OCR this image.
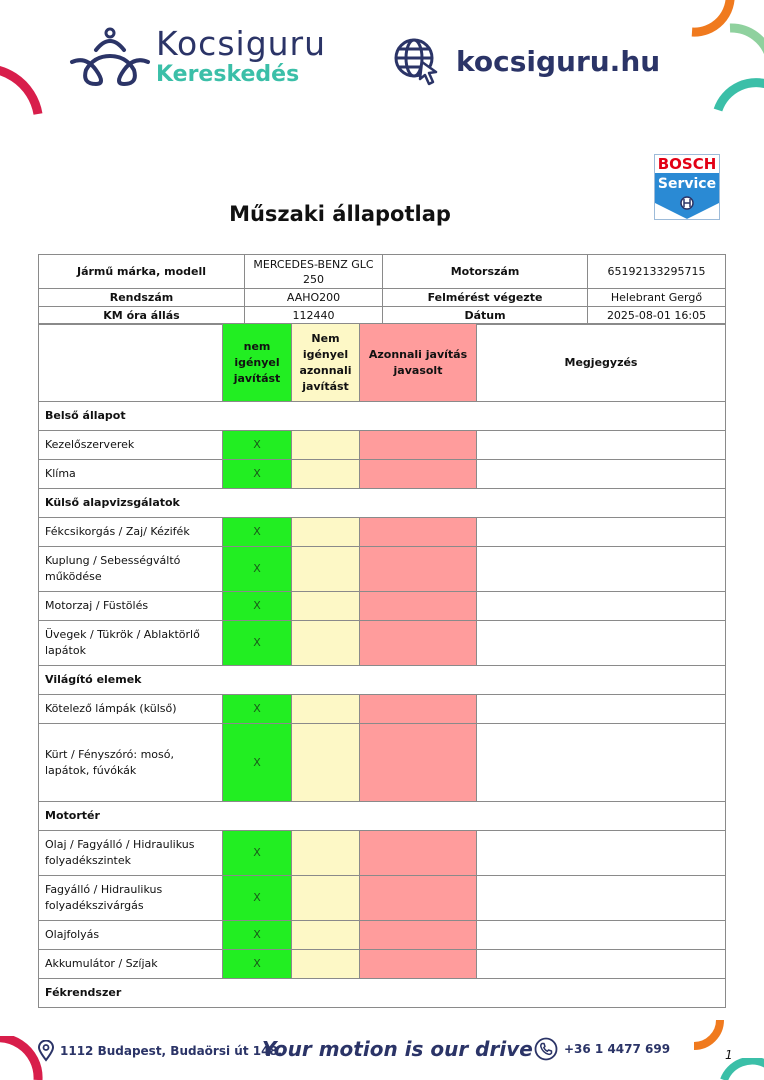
Kocsiguru
Kereskedés	kocsiguru.hu
BOSCH
Service
Műszaki állapotlap
Jármű márka, modell	MERCEDES-BENZ GLC 250	Motorszám	65192133295715
Rendszám	AAHO200	Felmérést végezte	Helebrant Gergő
KM óra állás	112440	Dátum	2025-08-01 16:05
	nem igényel javítást	Nem igényel azonnali javítást	Azonnali javítás javasolt	Megjegyzés
Belső állapot				
Kezelőszerverek	X			
Klíma	X			
Külső alapvizsgálatok				
Fékcsikorgás / Zaj/ Kézifék	X			
Kuplung / Sebességváltó működése	X			
Motorzaj / Füstölés	X			
Üvegek / Tükrök / Ablaktörlő lapátok	X			
Világító elemek				
Kötelező lámpák (külső)	X			
Kürt / Fényszóró: mosó, lapátok, fúvókák	X			
Motortér				
Olaj / Fagyálló / Hidraulikus folyadékszintek	X			
Fagyálló / Hidraulikus folyadékszivárgás	X			
Olajfolyás	X			
Akkumulátor / Szíjak	X			
Fékrendszer				
1112 Budapest, Budaörsi út 148.
Your motion is our drive	+36 1 4477 699	1
